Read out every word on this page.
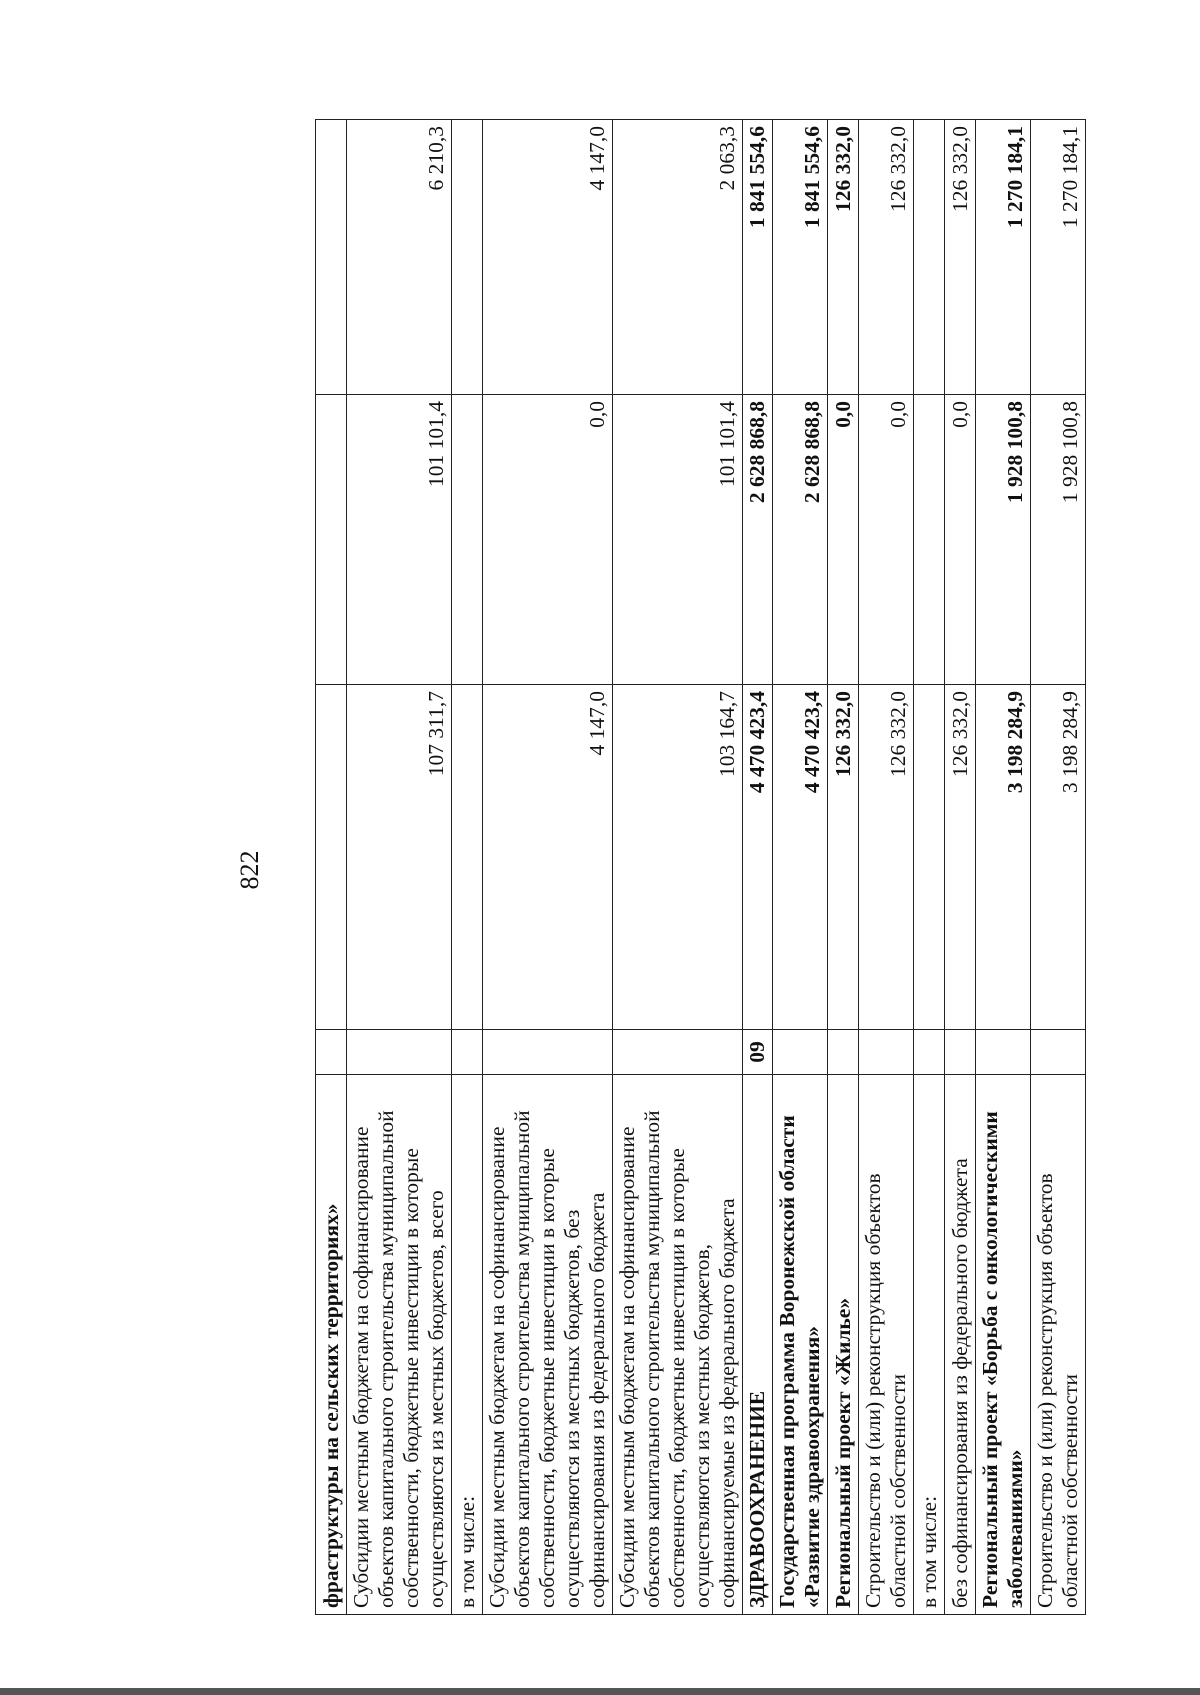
822
фраструктуры на сельских территориях»				
Субсидии местным бюджетам на софинансирование объектов капитального строительства муниципальной собственности, бюджетные инвестиции в которые осуществляются из местных бюджетов, всего		107 311,7	101 101,4	6 210,3
в том числе:				
Субсидии местным бюджетам на софинансирование объектов капитального строительства муниципальной собственности, бюджетные инвестиции в которые осуществляются из местных бюджетов, без софинансирования из федерального бюджета		4 147,0	0,0	4 147,0
Субсидии местным бюджетам на софинансирование объектов капитального строительства муниципальной собственности, бюджетные инвестиции в которые осуществляются из местных бюджетов, софинансируемые из федерального бюджета		103 164,7	101 101,4	2 063,3
ЗДРАВООХРАНЕНИЕ	09	4 470 423,4	2 628 868,8	1 841 554,6
Государственная программа Воронежской области «Развитие здравоохранения»		4 470 423,4	2 628 868,8	1 841 554,6
Региональный проект «Жилье»		126 332,0	0,0	126 332,0
Строительство и (или) реконструкция объектов областной собственности		126 332,0	0,0	126 332,0
в том числе:				
без софинансирования из федерального бюджета		126 332,0	0,0	126 332,0
Региональный проект «Борьба с онкологическими заболеваниями»		3 198 284,9	1 928 100,8	1 270 184,1
Строительство и (или) реконструкция объектов областной собственности		3 198 284,9	1 928 100,8	1 270 184,1
